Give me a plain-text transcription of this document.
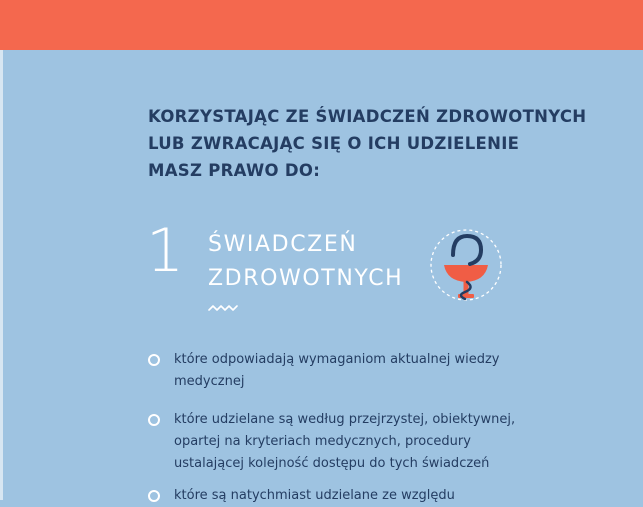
KORZYSTAJĄC ZE ŚWIADCZEŃ ZDROWOTNYCH
LUB ZWRACAJĄC SIĘ O ICH UDZIELENIE
MASZ PRAWO DO:
1 ŚWIADCZEŃ
ZDROWOTNYCH
które odpowiadają wymaganiom aktualnej wiedzy
medycznej
które udzielane są według przejrzystej, obiektywnej,
opartej na kryteriach medycznych, procedury
ustalającej kolejność dostępu do tych świadczeń
które są natychmiast udzielane ze względu
